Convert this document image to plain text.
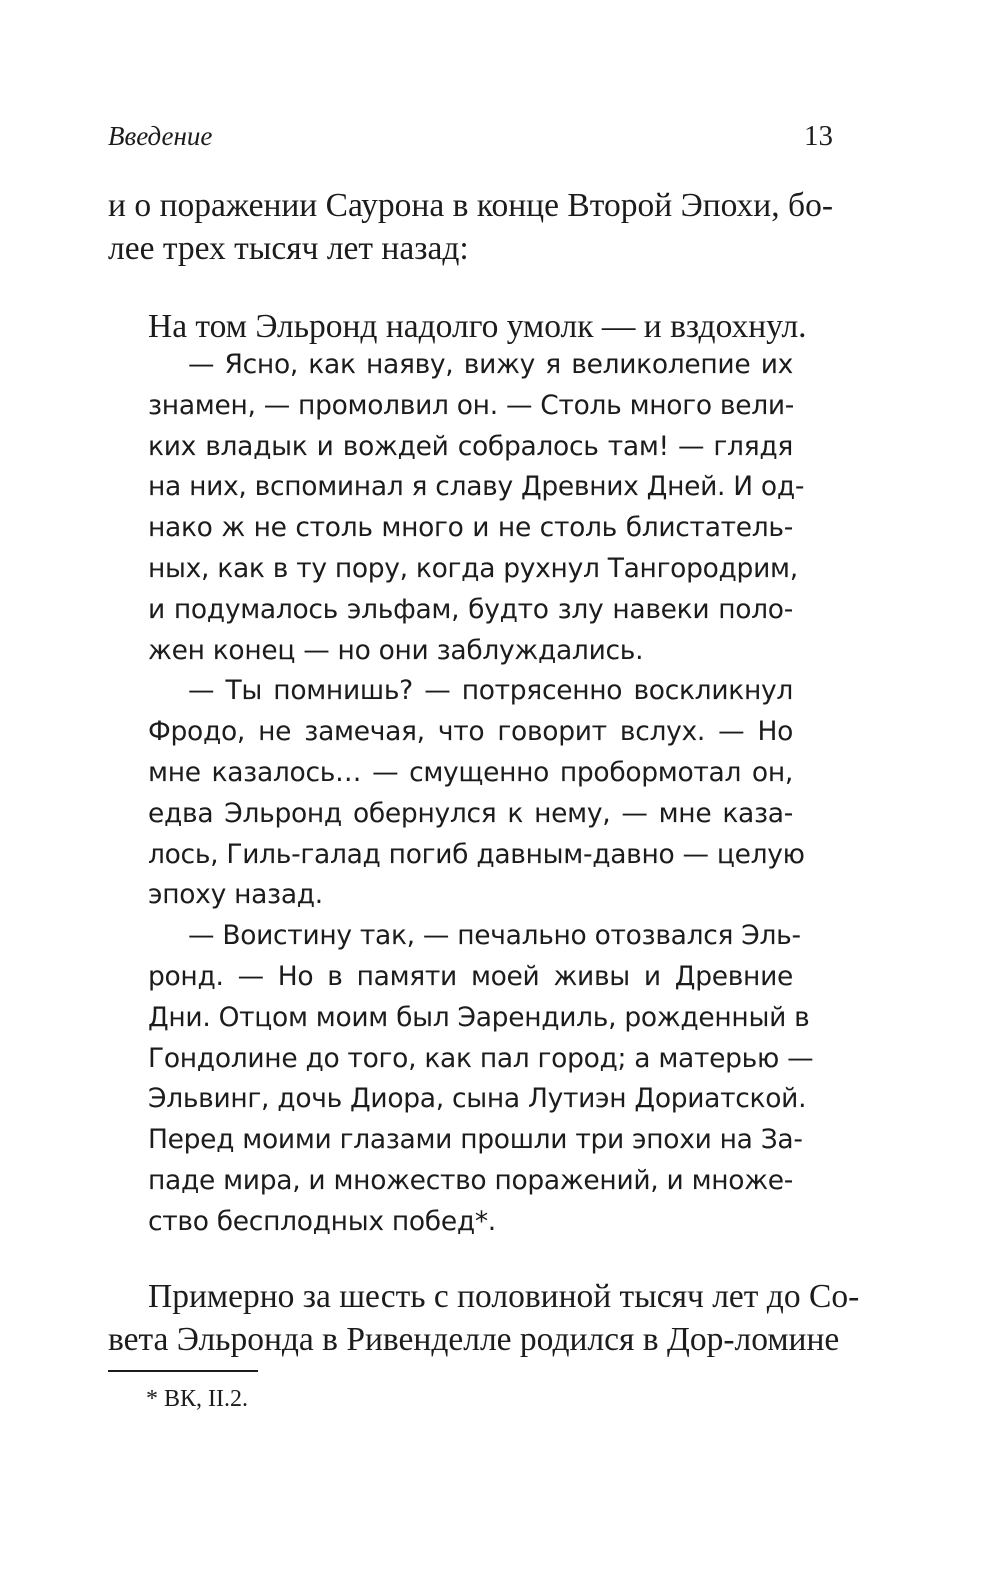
Введение	13
и о поражении Саурона в конце Второй Эпохи, бо-
лее трех тысяч лет назад:
На том Эльронд надолго умолк — и вздохнул.
— Ясно, как наяву, вижу я великолепие их
знамен, — промолвил он. — Столь много вели-
ких владык и вождей собралось там! — глядя
на них, вспоминал я славу Древних Дней. И од-
нако ж не столь много и не столь блистатель-
ных, как в ту пору, когда рухнул Тангородрим,
и подумалось эльфам, будто злу навеки поло-
жен конец — но они заблуждались.
— Ты помнишь? — потрясенно воскликнул
Фродо, не замечая, что говорит вслух. — Но
мне казалось… — смущенно пробормотал он,
едва Эльронд обернулся к нему, — мне каза-
лось, Гиль-галад погиб давным-давно — целую
эпоху назад.
— Воистину так, — печально отозвался Эль-
ронд. — Но в памяти моей живы и Древние
Дни. Отцом моим был Эарендиль, рожденный в
Гондолине до того, как пал город; а матерью —
Эльвинг, дочь Диора, сына Лутиэн Дориатской.
Перед моими глазами прошли три эпохи на За-
паде мира, и множество поражений, и множе-
ство бесплодных побед*.
Примерно за шесть с половиной тысяч лет до Со-
вета Эльронда в Ривенделле родился в Дор-ломине
* ВК, II.2.
